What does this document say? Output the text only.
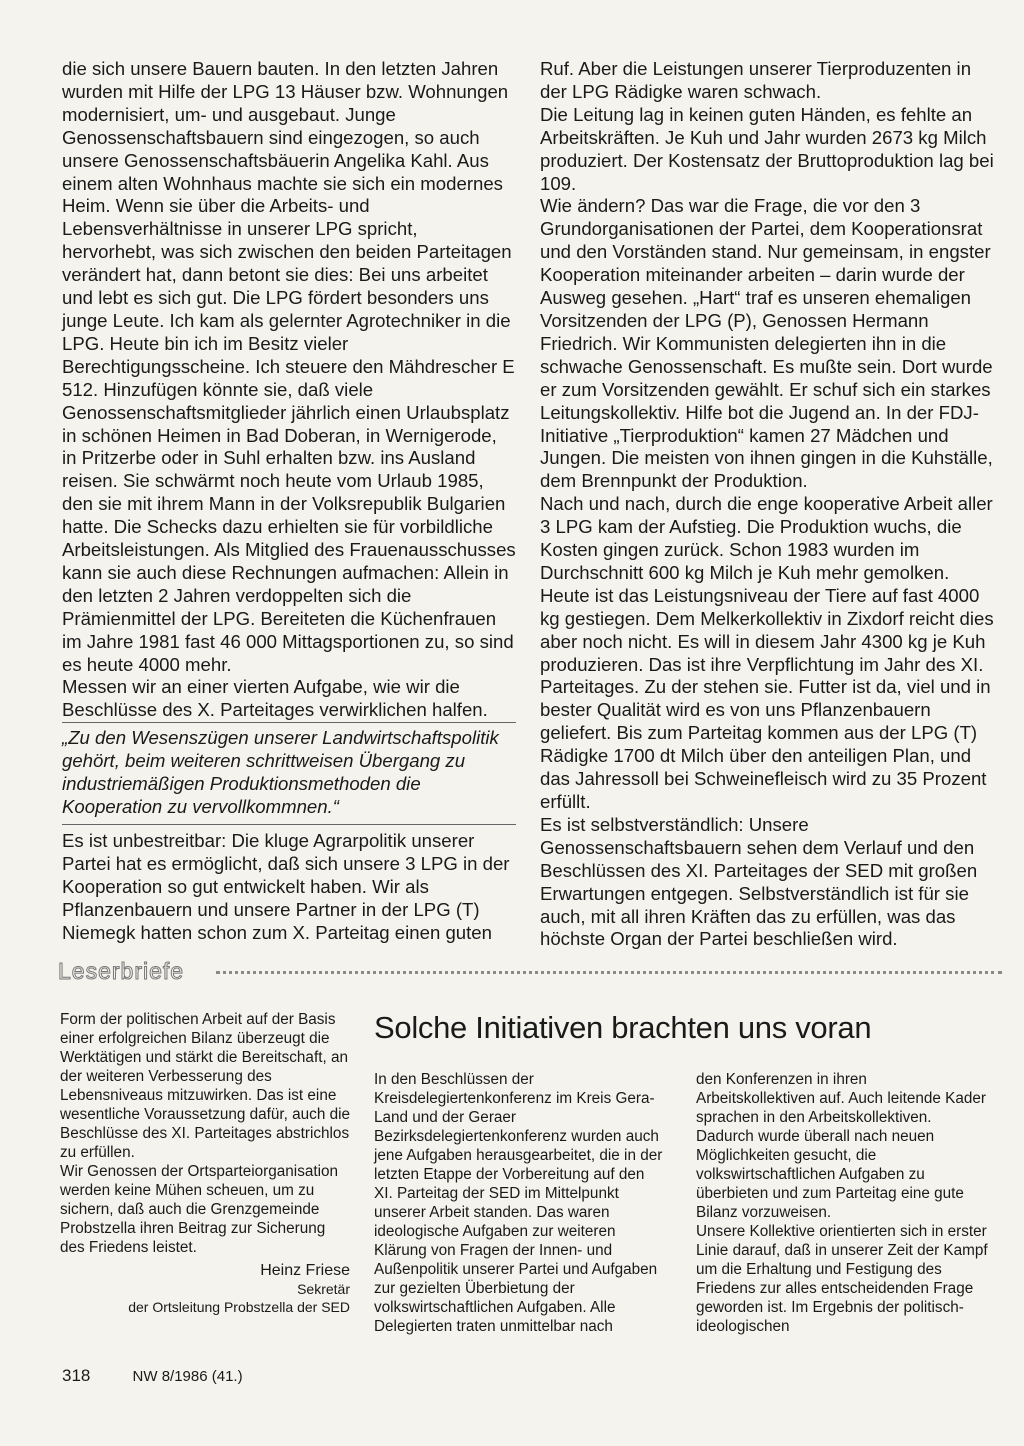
die sich unsere Bauern bauten. In den letzten Jahren wurden mit Hilfe der LPG 13 Häuser bzw. Wohnungen modernisiert, um- und ausgebaut. Junge Genossenschaftsbauern sind eingezogen, so auch unsere Genossenschaftsbäuerin Angelika Kahl. Aus einem alten Wohnhaus machte sie sich ein modernes Heim. Wenn sie über die Arbeits- und Lebensverhältnisse in unserer LPG spricht, hervorhebt, was sich zwischen den beiden Parteitagen verändert hat, dann betont sie dies: Bei uns arbeitet und lebt es sich gut. Die LPG fördert besonders uns junge Leute. Ich kam als gelernter Agrotechniker in die LPG. Heute bin ich im Besitz vieler Berechtigungsscheine. Ich steuere den Mähdrescher E 512. Hinzufügen könnte sie, daß viele Genossenschaftsmitglieder jährlich einen Urlaubsplatz in schönen Heimen in Bad Doberan, in Wernigerode, in Pritzerbe oder in Suhl erhalten bzw. ins Ausland reisen. Sie schwärmt noch heute vom Urlaub 1985, den sie mit ihrem Mann in der Volksrepublik Bulgarien hatte. Die Schecks dazu erhielten sie für vorbildliche Arbeitsleistungen. Als Mitglied des Frauenausschusses kann sie auch diese Rechnungen aufmachen: Allein in den letzten 2 Jahren verdoppelten sich die Prämienmittel der LPG. Bereiteten die Küchenfrauen im Jahre 1981 fast 46 000 Mittagsportionen zu, so sind es heute 4000 mehr.

Messen wir an einer vierten Aufgabe, wie wir die Beschlüsse des X. Parteitages verwirklichen halfen.

„Zu den Wesenszügen unserer Landwirtschaftspolitik gehört, beim weiteren schrittweisen Übergang zu industriemäßigen Produktionsmethoden die Kooperation zu vervollkommnen.“

Es ist unbestreitbar: Die kluge Agrarpolitik unserer Partei hat es ermöglicht, daß sich unsere 3 LPG in der Kooperation so gut entwickelt haben. Wir als Pflanzenbauern und unsere Partner in der LPG (T) Niemegk hatten schon zum X. Parteitag einen guten

Ruf. Aber die Leistungen unserer Tierproduzenten in der LPG Rädigke waren schwach.

Die Leitung lag in keinen guten Händen, es fehlte an Arbeitskräften. Je Kuh und Jahr wurden 2673 kg Milch produziert. Der Kostensatz der Bruttoproduktion lag bei 109.

Wie ändern? Das war die Frage, die vor den 3 Grundorganisationen der Partei, dem Kooperationsrat und den Vorständen stand. Nur gemeinsam, in engster Kooperation miteinander arbeiten – darin wurde der Ausweg gesehen. „Hart“ traf es unseren ehemaligen Vorsitzenden der LPG (P), Genossen Hermann Friedrich. Wir Kommunisten delegierten ihn in die schwache Genossenschaft. Es mußte sein. Dort wurde er zum Vorsitzenden gewählt. Er schuf sich ein starkes Leitungskollektiv. Hilfe bot die Jugend an. In der FDJ-Initiative „Tierproduktion“ kamen 27 Mädchen und Jungen. Die meisten von ihnen gingen in die Kuhställe, dem Brennpunkt der Produktion.

Nach und nach, durch die enge kooperative Arbeit aller 3 LPG kam der Aufstieg. Die Produktion wuchs, die Kosten gingen zurück. Schon 1983 wurden im Durchschnitt 600 kg Milch je Kuh mehr gemolken. Heute ist das Leistungsniveau der Tiere auf fast 4000 kg gestiegen. Dem Melkerkollektiv in Zixdorf reicht dies aber noch nicht. Es will in diesem Jahr 4300 kg je Kuh produzieren. Das ist ihre Verpflichtung im Jahr des XI. Parteitages. Zu der stehen sie. Futter ist da, viel und in bester Qualität wird es von uns Pflanzenbauern geliefert. Bis zum Parteitag kommen aus der LPG (T) Rädigke 1700 dt Milch über den anteiligen Plan, und das Jahressoll bei Schweinefleisch wird zu 35 Prozent erfüllt.

Es ist selbstverständlich: Unsere Genossenschaftsbauern sehen dem Verlauf und den Beschlüssen des XI. Parteitages der SED mit großen Erwartungen entgegen. Selbstverständlich ist für sie auch, mit all ihren Kräften das zu erfüllen, was das höchste Organ der Partei beschließen wird.

Leserbriefe

Form der politischen Arbeit auf der Basis einer erfolgreichen Bilanz überzeugt die Werktätigen und stärkt die Bereitschaft, an der weiteren Verbesserung des Lebensniveaus mitzuwirken. Das ist eine wesentliche Voraussetzung dafür, auch die Beschlüsse des XI. Parteitages abstrichlos zu erfüllen.

Wir Genossen der Ortsparteiorganisation werden keine Mühen scheuen, um zu sichern, daß auch die Grenzgemeinde Probstzella ihren Beitrag zur Sicherung des Friedens leistet.

Heinz Friese

Sekretär
der Ortsleitung Probstzella der SED

Solche Initiativen brachten uns voran

In den Beschlüssen der Kreisdelegiertenkonferenz im Kreis Gera-Land und der Geraer Bezirksdelegiertenkonferenz wurden auch jene Aufgaben herausgearbeitet, die in der letzten Etappe der Vorbereitung auf den XI. Parteitag der SED im Mittelpunkt unserer Arbeit standen. Das waren ideologische Aufgaben zur weiteren Klärung von Fragen der Innen- und Außenpolitik unserer Partei und Aufgaben zur gezielten Überbietung der volkswirtschaftlichen Aufgaben. Alle Delegierten traten unmittelbar nach

den Konferenzen in ihren Arbeitskollektiven auf. Auch leitende Kader sprachen in den Arbeitskollektiven. Dadurch wurde überall nach neuen Möglichkeiten gesucht, die volkswirtschaftlichen Aufgaben zu überbieten und zum Parteitag eine gute Bilanz vorzuweisen.

Unsere Kollektive orientierten sich in erster Linie darauf, daß in unserer Zeit der Kampf um die Erhaltung und Festigung des Friedens zur alles entscheidenden Frage geworden ist. Im Ergebnis der politisch-ideologischen

318	NW 8/1986 (41.)
